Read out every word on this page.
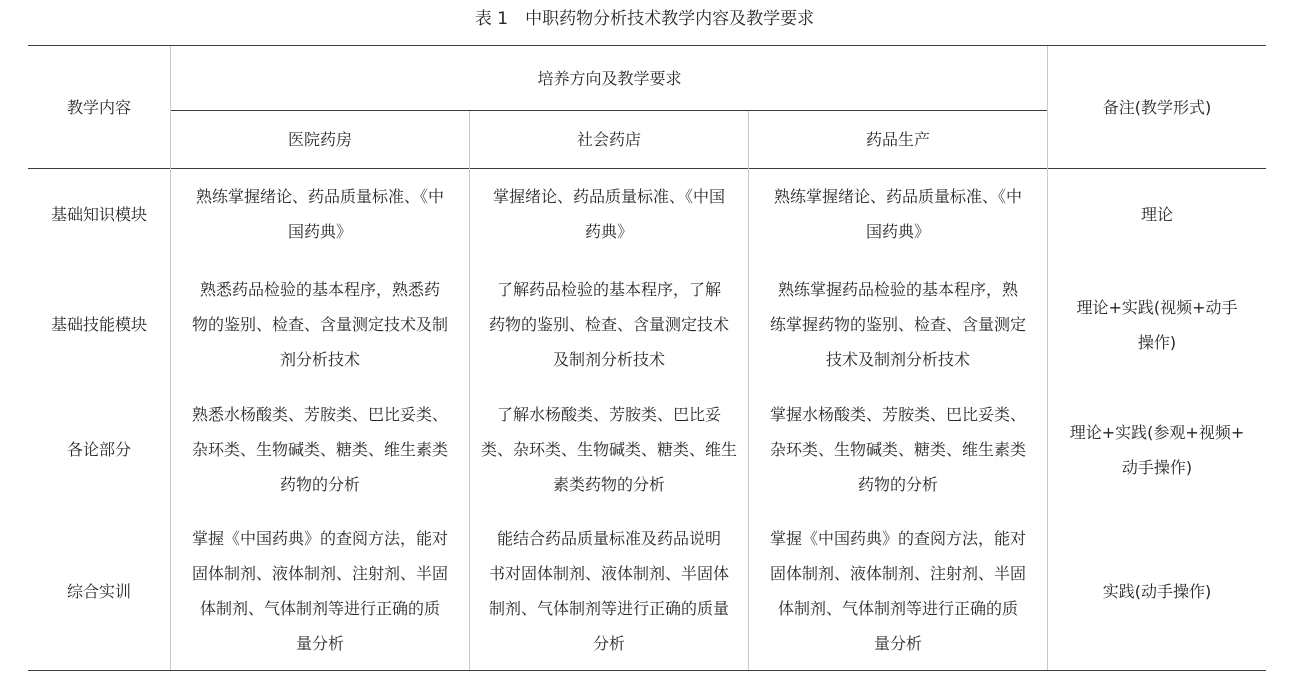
表 1　中职药物分析技术教学内容及教学要求
教学内容
培养方向及教学要求
备注(教学形式)
医院药房	社会药店	药品生产
基础知识模块
熟练掌握绪论、药品质量标准、《中
国药典》
掌握绪论、药品质量标准、《中国
药典》
熟练掌握绪论、药品质量标准、《中
国药典》
理论
基础技能模块
熟悉药品检验的基本程序，熟悉药
物的鉴别、检查、含量测定技术及制
剂分析技术
了解药品检验的基本程序，了解
药物的鉴别、检查、含量测定技术
及制剂分析技术
熟练掌握药品检验的基本程序，熟
练掌握药物的鉴别、检查、含量测定
技术及制剂分析技术
理论+实践(视频+动手
操作)
各论部分
熟悉水杨酸类、芳胺类、巴比妥类、
杂环类、生物碱类、糖类、维生素类
药物的分析
了解水杨酸类、芳胺类、巴比妥
类、杂环类、生物碱类、糖类、维生
素类药物的分析
掌握水杨酸类、芳胺类、巴比妥类、
杂环类、生物碱类、糖类、维生素类
药物的分析
理论+实践(参观+视频+
动手操作)
综合实训
掌握《中国药典》的查阅方法，能对
固体制剂、液体制剂、注射剂、半固
体制剂、气体制剂等进行正确的质
量分析
能结合药品质量标准及药品说明
书对固体制剂、液体制剂、半固体
制剂、气体制剂等进行正确的质量
分析
掌握《中国药典》的查阅方法，能对
固体制剂、液体制剂、注射剂、半固
体制剂、气体制剂等进行正确的质
量分析
实践(动手操作)
